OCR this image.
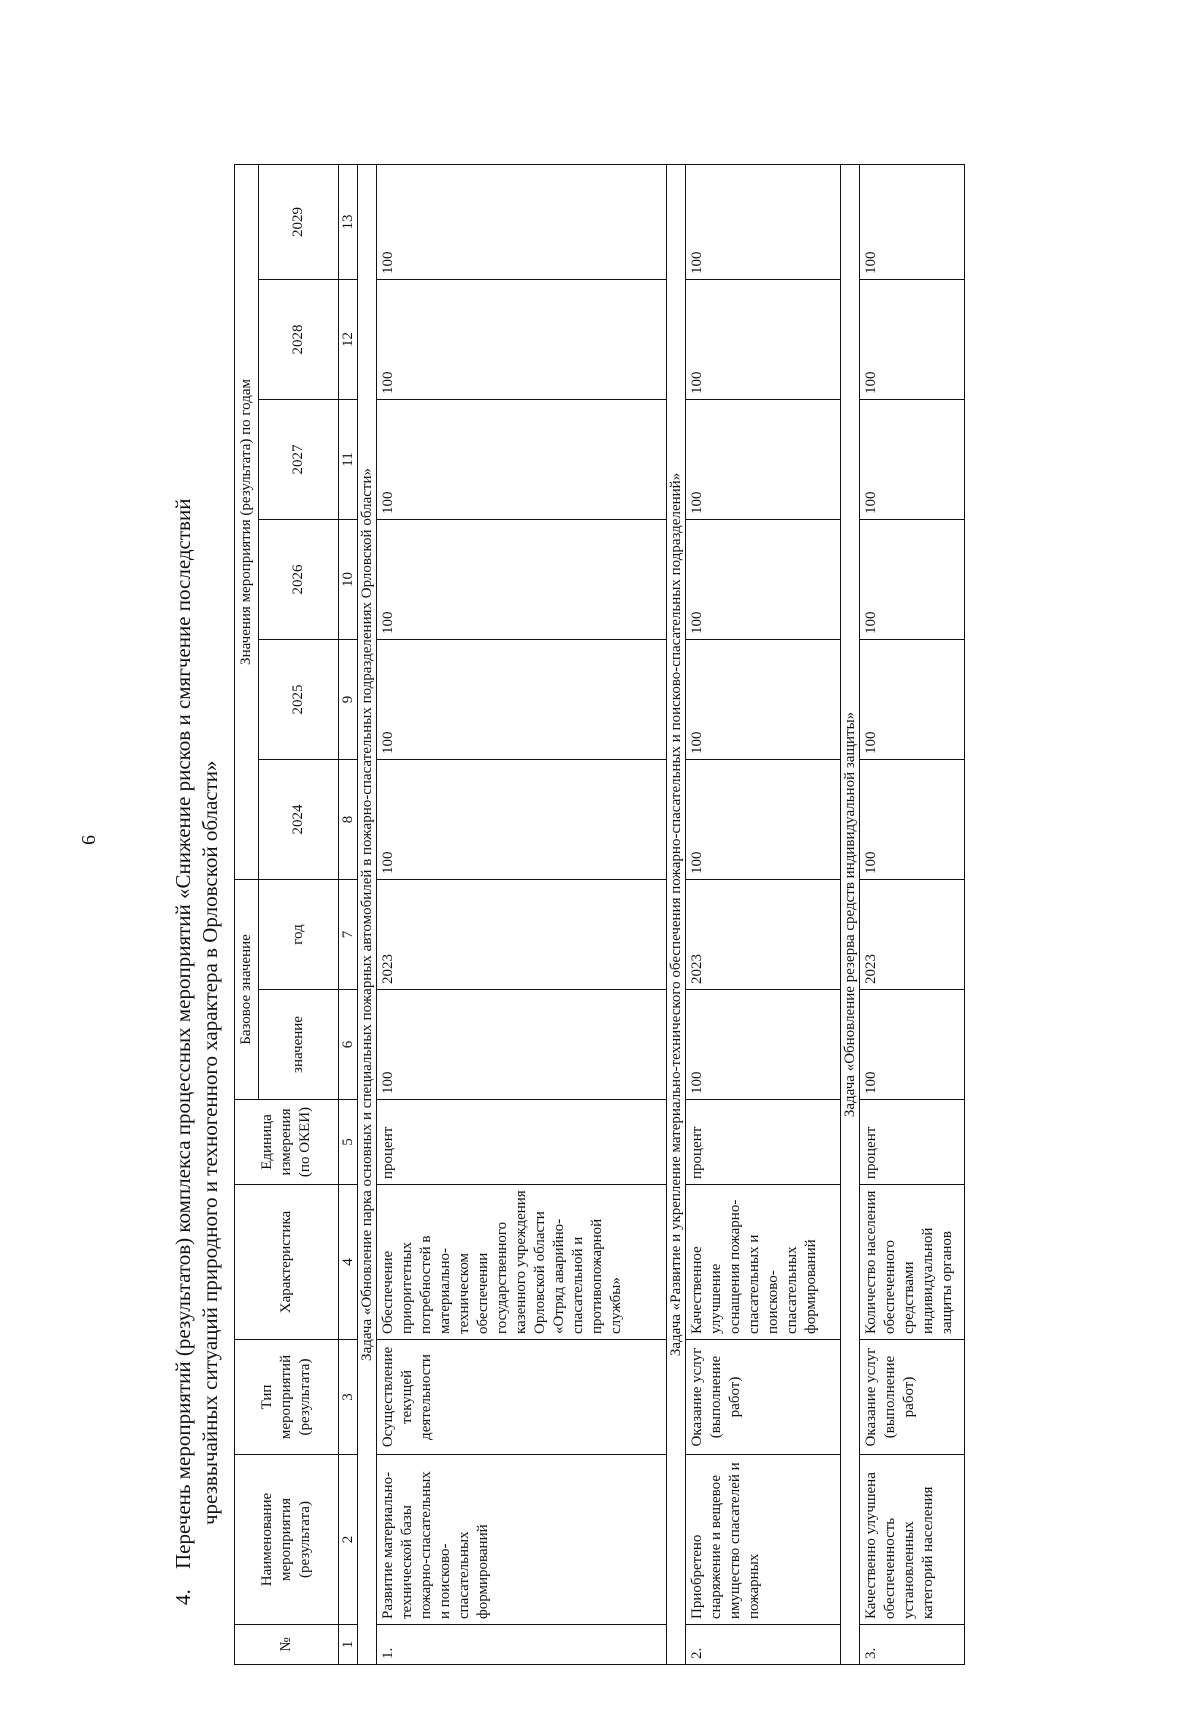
6
4.Перечень мероприятий (результатов) комплекса процессных мероприятий «Снижение рисков и смягчение последствий чрезвычайных ситуаций природного и техногенного характера в Орловской области»
№	Наименование мероприятия (результата)	Тип мероприятий (результата)	Характеристика	Единица измерения (по ОКЕИ)	Базовое значение		Значения мероприятия (результата) по годам					
					значение	год	2024	2025	2026	2027	2028	2029
1	2	3	4	5	6	7	8	9	10	11	12	13
Задача «Обновление парка основных и специальных пожарных автомобилей в пожарно-спасательных подразделениях Орловской области»												
1.	Развитие материально-технической базы пожарно-спасательных и поисково-спасательных формирований	Осуществление текущей деятельности	Обеспечение приоритетных потребностей в материально-техническом обеспечении государственного казенного учреждения Орловской области «Отряд аварийно-спасательной и противопожарной службы»	процент	100	2023	100	100	100	100	100	100
Задача «Развитие и укрепление материально-технического обеспечения пожарно-спасательных и поисково-спасательных подразделений»												
2.	Приобретено снаряжение и вещевое имущество спасателей и пожарных	Оказание услуг (выполнение работ)	Качественное улучшение оснащения пожарно-спасательных и поисково-спасательных формирований	процент	100	2023	100	100	100	100	100	100
Задача «Обновление резерва средств индивидуальной защиты»												
3.	Качественно улучшена обеспеченность установленных категорий населения	Оказание услуг (выполнение работ)	Количество населения обеспеченного средствами индивидуальной защиты органов	процент	100	2023	100	100	100	100	100	100
